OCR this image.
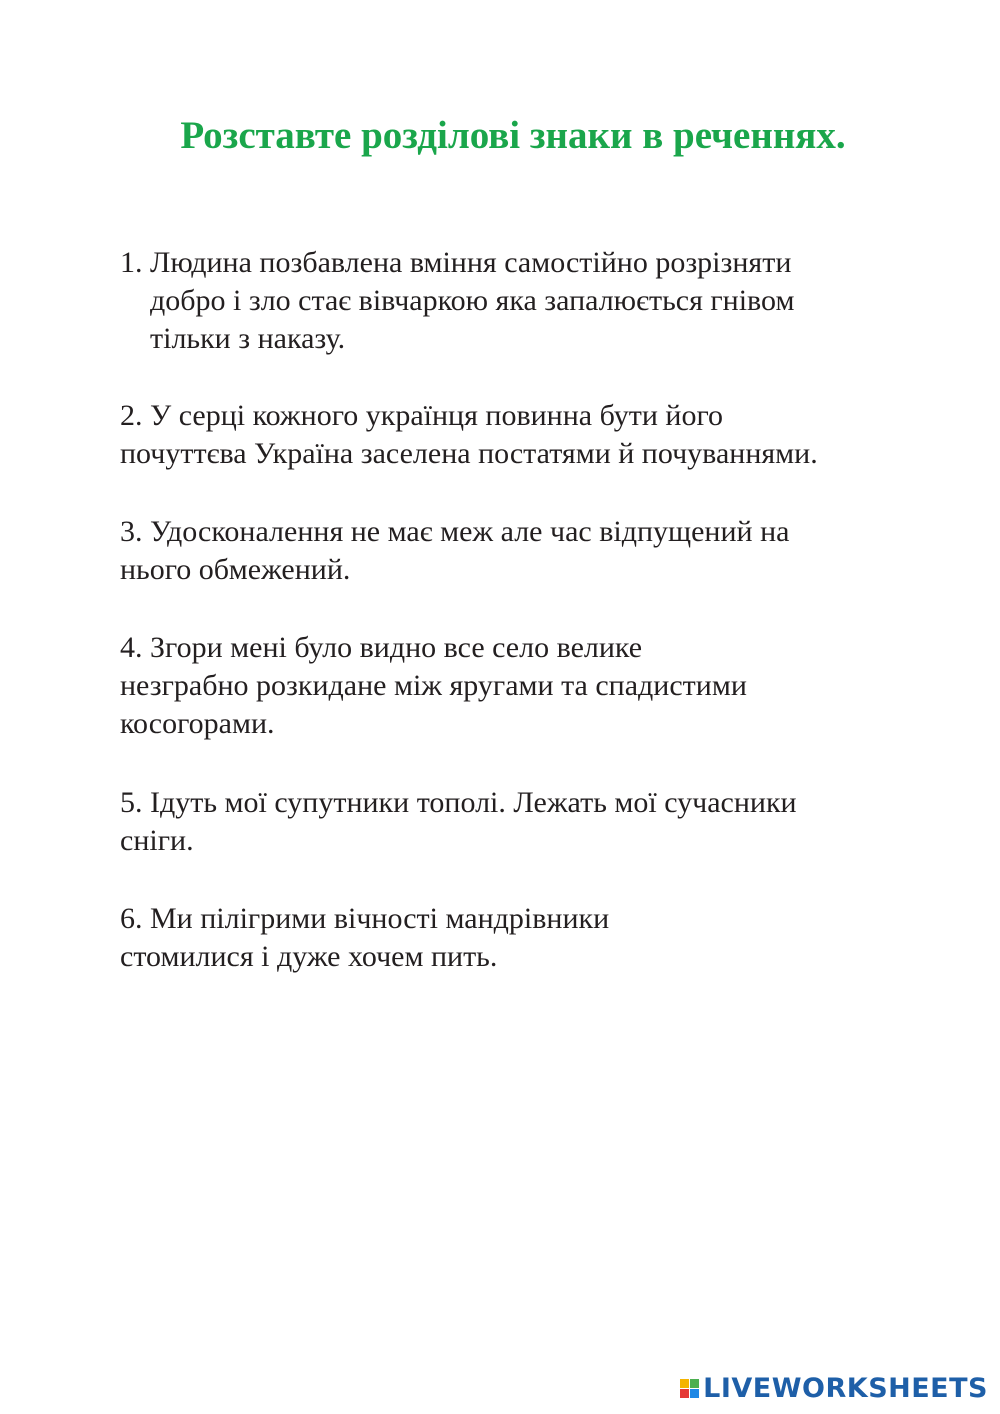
Розставте розділові знаки в реченнях.
1. Людина позбавлена вміння самостійно розрізняти
добро і зло стає вівчаркою яка запалюється гнівом
тільки з наказу.
2. У серці кожного українця повинна бути його
почуттєва Україна заселена постатями й почуваннями.
3. Удосконалення не має меж але час відпущений на
нього обмежений.
4. Згори мені було видно все село велике
незграбно розкидане між яругами та спадистими
косогорами.
5. Ідуть мої супутники тополі. Лежать мої сучасники
сніги.
6. Ми пілігрими вічності мандрівники
стомилися і дуже хочем пить.
LIVEWORKSHEETS
